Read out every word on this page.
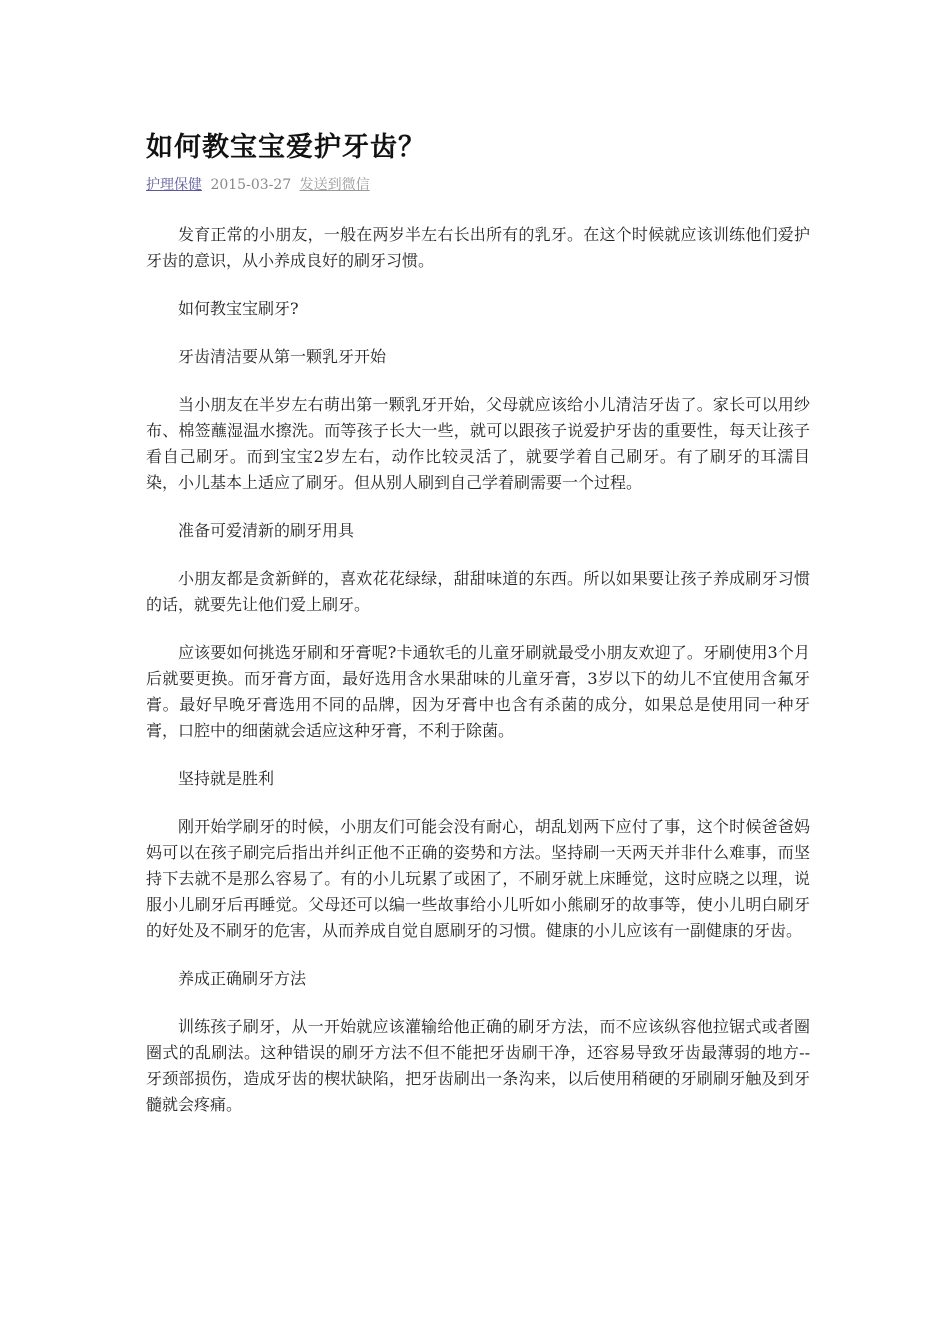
如何教宝宝爱护牙齿？
护理保健 2015-03-27 发送到微信

发育正常的小朋友，一般在两岁半左右长出所有的乳牙。在这个时候就应该训练他们爱护牙齿的意识，从小养成良好的刷牙习惯。

如何教宝宝刷牙?

牙齿清洁要从第一颗乳牙开始

当小朋友在半岁左右萌出第一颗乳牙开始，父母就应该给小儿清洁牙齿了。家长可以用纱布、棉签蘸湿温水擦洗。而等孩子长大一些，就可以跟孩子说爱护牙齿的重要性，每天让孩子看自己刷牙。而到宝宝2岁左右，动作比较灵活了，就要学着自己刷牙。有了刷牙的耳濡目染，小儿基本上适应了刷牙。但从别人刷到自己学着刷需要一个过程。

准备可爱清新的刷牙用具

小朋友都是贪新鲜的，喜欢花花绿绿，甜甜味道的东西。所以如果要让孩子养成刷牙习惯的话，就要先让他们爱上刷牙。

应该要如何挑选牙刷和牙膏呢?卡通软毛的儿童牙刷就最受小朋友欢迎了。牙刷使用3个月后就要更换。而牙膏方面，最好选用含水果甜味的儿童牙膏，3岁以下的幼儿不宜使用含氟牙膏。最好早晚牙膏选用不同的品牌，因为牙膏中也含有杀菌的成分，如果总是使用同一种牙膏，口腔中的细菌就会适应这种牙膏，不利于除菌。

坚持就是胜利

刚开始学刷牙的时候，小朋友们可能会没有耐心，胡乱划两下应付了事，这个时候爸爸妈妈可以在孩子刷完后指出并纠正他不正确的姿势和方法。坚持刷一天两天并非什么难事，而坚持下去就不是那么容易了。有的小儿玩累了或困了，不刷牙就上床睡觉，这时应晓之以理，说服小儿刷牙后再睡觉。父母还可以编一些故事给小儿听如小熊刷牙的故事等，使小儿明白刷牙的好处及不刷牙的危害，从而养成自觉自愿刷牙的习惯。健康的小儿应该有一副健康的牙齿。

养成正确刷牙方法

训练孩子刷牙，从一开始就应该灌输给他正确的刷牙方法，而不应该纵容他拉锯式或者圈圈式的乱刷法。这种错误的刷牙方法不但不能把牙齿刷干净，还容易导致牙齿最薄弱的地方--牙颈部损伤，造成牙齿的楔状缺陷，把牙齿刷出一条沟来，以后使用稍硬的牙刷刷牙触及到牙髓就会疼痛。
